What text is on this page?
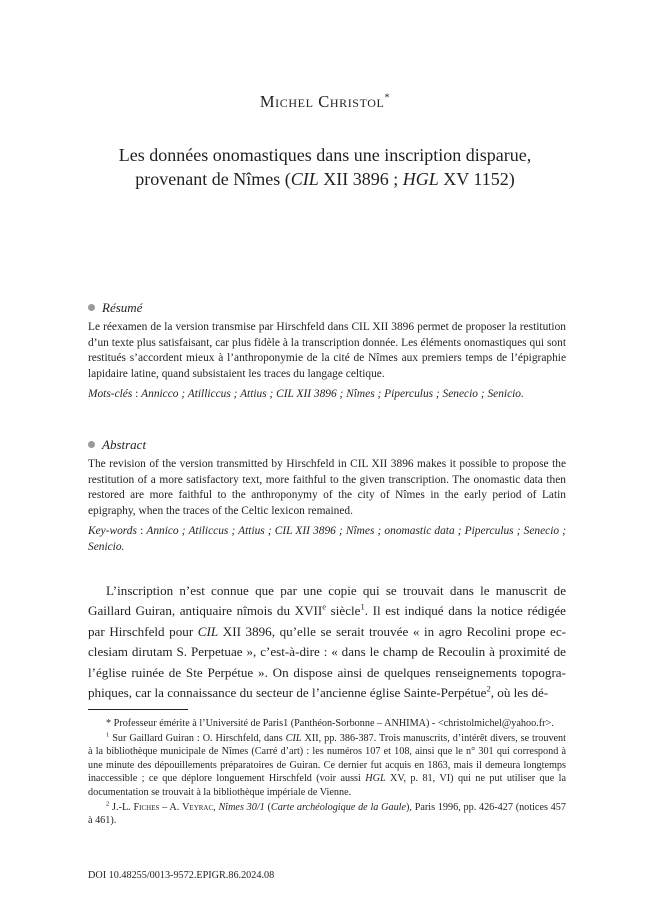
Michel Christol*
Les données onomastiques dans une inscription disparue,
provenant de Nîmes (CIL XII 3896 ; HGL XV 1152)
Résumé

Le réexamen de la version transmise par Hirschfeld dans CIL XII 3896 permet de proposer la restitution d’un texte plus satisfaisant, car plus fidèle à la transcription donnée. Les éléments onomastiques qui sont restitués s’accordent mieux à l’anthroponymie de la cité de Nîmes aux premiers temps de l’épigraphie lapidaire latine, quand subsistaient les traces du langage celtique.

Mots-clés : Annicco ; Atilliccus ; Attius ; CIL XII 3896 ; Nîmes ; Piperculus ; Senecio ; Senicio.

Abstract

The revision of the version transmitted by Hirschfeld in CIL XII 3896 makes it possible to propose the restitution of a more satisfactory text, more faithful to the given transcription. The onomastic data then restored are more faithful to the anthroponymy of the city of Nîmes in the early period of Latin epigraphy, when the traces of the Celtic lexicon remained.

Key-words : Annico ; Atiliccus ; Attius ; CIL XII 3896 ; Nîmes ; onomastic data ; Piperculus ; Senecio ; Senicio.

L’inscription n’est connue que par une copie qui se trouvait dans le manuscrit de Gaillard Guiran, antiquaire nîmois du XVIIe siècle$^1$. Il est indiqué dans la notice rédigée par Hirschfeld pour CIL XII 3896, qu’elle se serait trouvée « in agro Recolini prope ecclesiam dirutam S. Perpetuae », c’est-à-dire : « dans le champ de Recoulin à proximité de l’église ruinée de Ste Perpétue ». On dispose ainsi de quelques renseignements topographiques, car la connaissance du secteur de l’ancienne église Sainte-Perpétue$^2$, où les dé-

* Professeur émérite à l’Université de Paris1 (Panthéon-Sorbonne – ANHIMA) - <christolmichel@yahoo.fr>.

$^1$ Sur Gaillard Guiran : O. Hirschfeld, dans CIL XII, pp. 386-387. Trois manuscrits, d’intérêt divers, se trouvent à la bibliothèque municipale de Nîmes (Carré d’art) : les numéros 107 et 108, ainsi que le n° 301 qui correspond à une minute des dépouillements préparatoires de Guiran. Ce dernier fut acquis en 1863, mais il demeura longtemps inaccessible ; ce que déplore longuement Hirschfeld (voir aussi HGL XV, p. 81, VI) qui ne put utiliser que la documentation se trouvait à la bibliothèque impériale de Vienne.

$^2$ J.-L. Fiches – A. Veyrac, Nîmes 30/1 (Carte archéologique de la Gaule), Paris 1996, pp. 426-427 (notices 457 à 461).

DOI 10.48255/0013-9572.EPIGR.86.2024.08
